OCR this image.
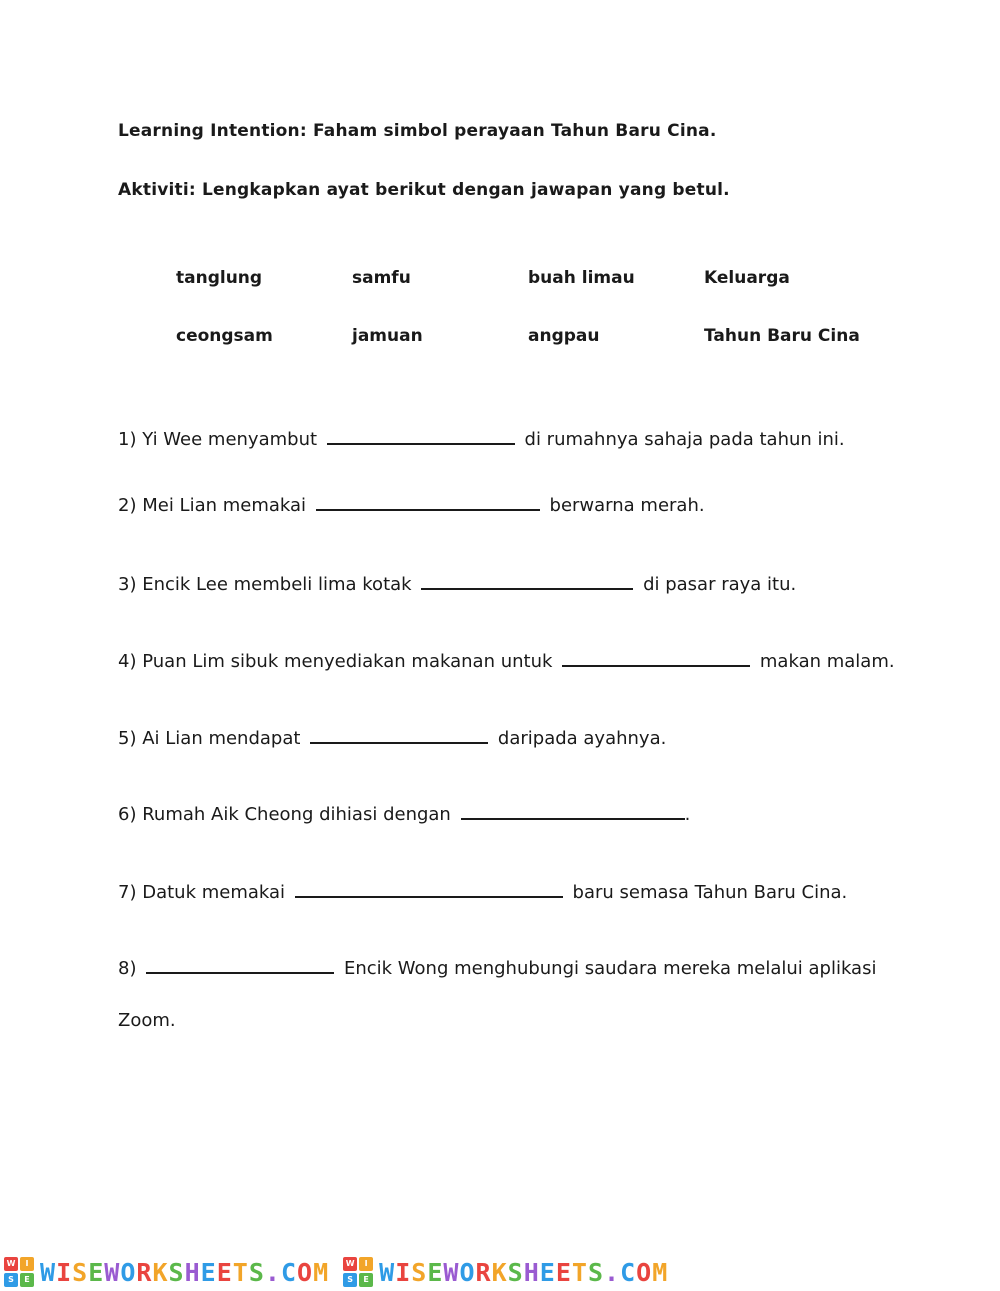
Learning Intention: Faham simbol perayaan Tahun Baru Cina.
Aktiviti: Lengkapkan ayat berikut dengan jawapan yang betul.
tanglung	samfu	buah limau	Keluarga
ceongsam	jamuan	angpau	Tahun Baru Cina
1) Yi Wee menyambut	di rumahnya sahaja pada tahun ini.
2) Mei Lian memakai	berwarna merah.
3) Encik Lee membeli lima kotak	di pasar raya itu.
4) Puan Lim sibuk menyediakan makanan untuk	makan malam.
5) Ai Lian mendapat	daripada ayahnya.
6) Rumah Aik Cheong dihiasi dengan	.
7) Datuk memakai	baru semasa Tahun Baru Cina.
8)	Encik Wong menghubungi saudara mereka melalui aplikasi
Zoom.
W	I
S	E WISEWORKSHEETS.COM	W	I
S	E WISEWORKSHEETS.COM
